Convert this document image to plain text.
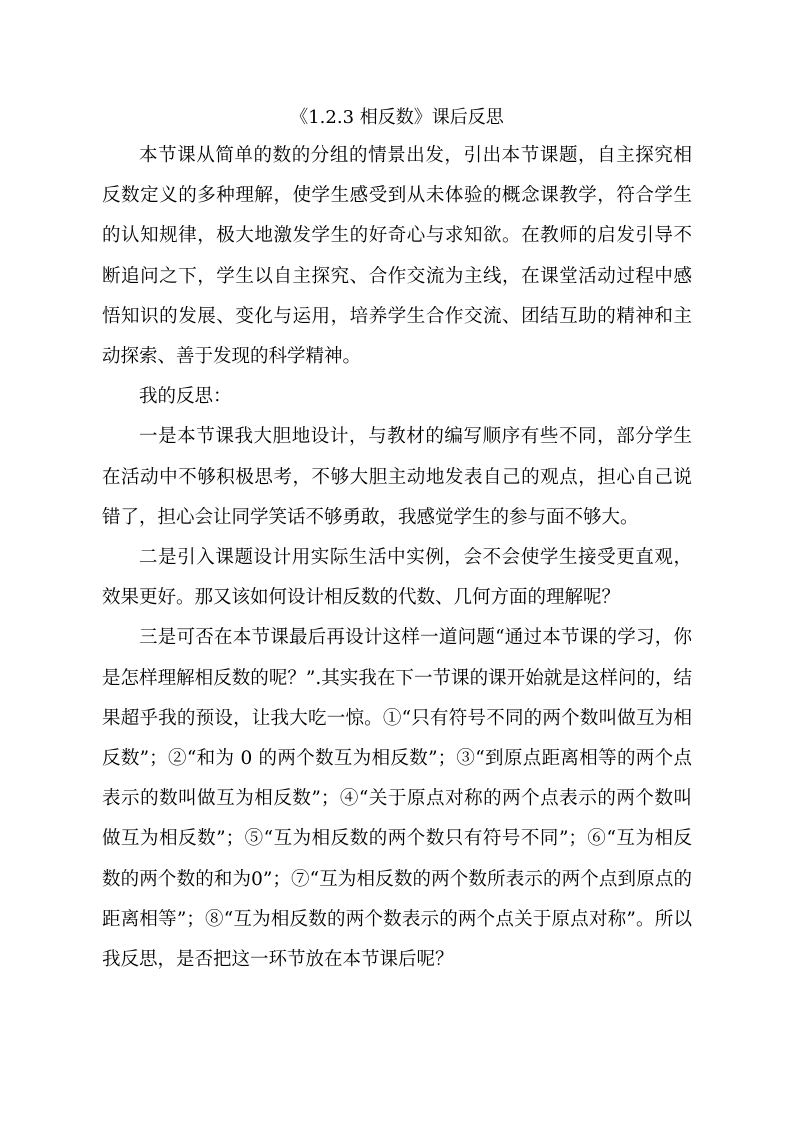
《1.2.3 相反数》课后反思

本节课从简单的数的分组的情景出发，引出本节课题，自主探究相反数定义的多种理解，使学生感受到从未体验的概念课教学，符合学生的认知规律，极大地激发学生的好奇心与求知欲。在教师的启发引导不断追问之下，学生以自主探究、合作交流为主线，在课堂活动过程中感悟知识的发展、变化与运用，培养学生合作交流、团结互助的精神和主动探索、善于发现的科学精神。

我的反思：

一是本节课我大胆地设计，与教材的编写顺序有些不同，部分学生在活动中不够积极思考，不够大胆主动地发表自己的观点，担心自己说错了，担心会让同学笑话不够勇敢，我感觉学生的参与面不够大。

二是引入课题设计用实际生活中实例，会不会使学生接受更直观，效果更好。那又该如何设计相反数的代数、几何方面的理解呢？

三是可否在本节课最后再设计这样一道问题“通过本节课的学习，你是怎样理解相反数的呢？”.其实我在下一节课的课开始就是这样问的，结果超乎我的预设，让我大吃一惊。①“只有符号不同的两个数叫做互为相反数”；②“和为 0 的两个数互为相反数”；③“到原点距离相等的两个点表示的数叫做互为相反数”；④“关于原点对称的两个点表示的两个数叫做互为相反数”；⑤“互为相反数的两个数只有符号不同”；⑥“互为相反数的两个数的和为0”；⑦“互为相反数的两个数所表示的两个点到原点的距离相等”；⑧“互为相反数的两个数表示的两个点关于原点对称”。所以我反思，是否把这一环节放在本节课后呢？
